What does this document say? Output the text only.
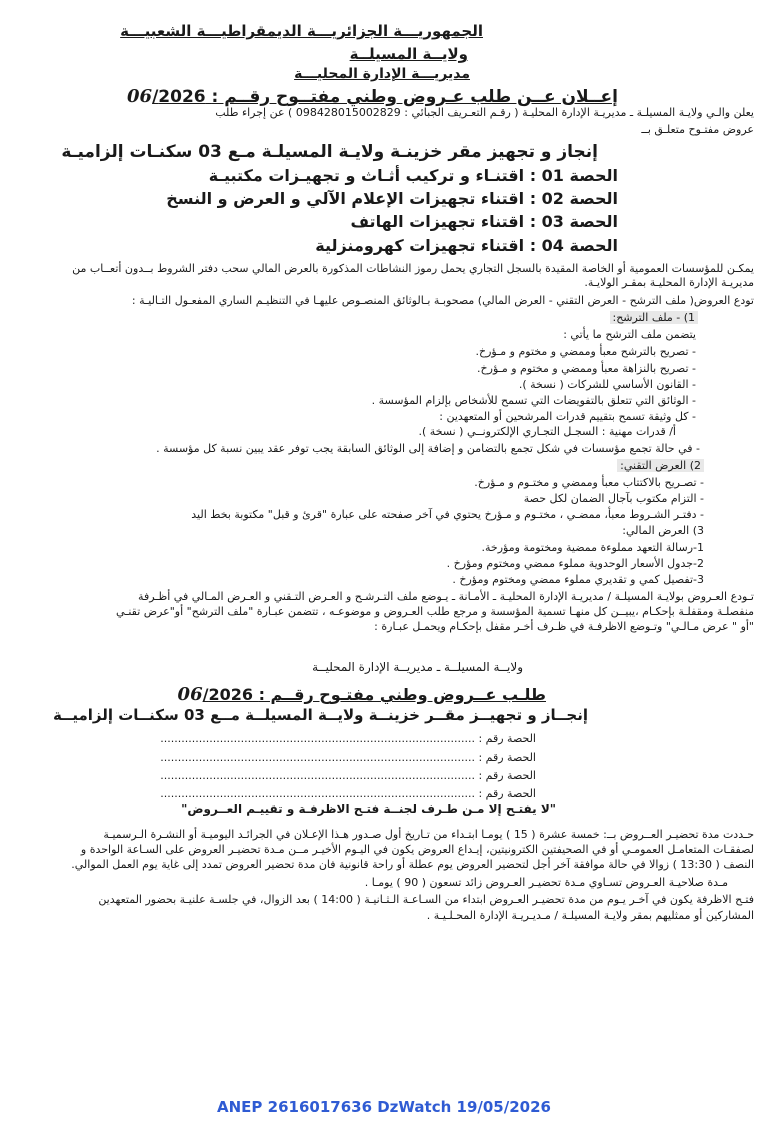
الجمهوريـــة الجزائريـــة الديمقراطيـــة الشعبيـــة
ولايــة المسيلــة
مديريـــة الإدارة المحليـــة
إعــلان عــن طلب عـروض وطني مفتــوح رقــم : 06/2026
يعلن والـي ولايـة المسيلـة ـ مديريـة الإدارة المحليـة ( رقـم التعـريف الجبائي : 098428015002829 ) عن إجراء طلب
عروض مفتـوح متعلـق بــ
إنجاز و تجهيز مقر خزينـة ولايـة المسيلـة مـع 03 سكنـات إلزاميـة
الحصة 01 : اقتنـاء و تركيب أثـاث و تجهيـزات مكتبيـة
الحصة 02 : اقتناء تجهيزات الإعلام الآلي و العرض و النسخ
الحصة 03 : اقتناء تجهيزات الهاتف
الحصة 04 : اقتناء تجهيزات كهرومنزلية
يمكـن للمؤسسات العمومية أو الخاصة المقيدة بالسجل التجاري يحمل رموز النشاطات المذكورة بالعرض المالي سحب دفتر الشروط بــدون أتعــاب من
مديريـة الإدارة المحليـة بمقـر الولايـة.
تودع العروض( ملف الترشح - العرض التقني - العرض المالي) مصحوبـة بـالوثائق المنصـوص عليهـا في التنظيـم الساري المفعـول التـاليـة :
1) - ملف الترشح:
يتضمن ملف الترشح ما يأتي :
- تصريح بالترشح معبأ وممضي و مختوم و مـؤرخ.
- تصريح بالنزاهة معبأ وممضي و مختوم و مـؤرخ.
- القانون الأساسي للشركات ( نسخة ).
- الوثائق التي تتعلق بالتفويضات التي تسمح للأشخاص بإلزام المؤسسة .
- كل وثيقة تسمح بتقييم قدرات المرشحين أو المتعهدين :
أ/ قدرات مهنية : السجـل التجـاري الإلكترونــي ( نسخة ).
- في حالة تجمع مؤسسات في شكل تجمع بالتضامن و إضافة إلى الوثائق السابقة يجب توفر عقد يبين نسبة كل مؤسسة .
2) العرض التقني:
- تصـريح بالاكتتاب معبأ وممضي و مختـوم و مـؤرخ.
- التزام مكتوب بآجال الضمان لكل حصة
- دفتـر الشـروط معبأ، ممضـي ، مختـوم و مـؤرخ يحتوي في آخر صفحته على عبارة "قرئ و قبل" مكتوبة بخط اليد
3) العرض المالي:
1-رسالة التعهد مملوءة ممضية ومختومة ومؤرخة.
2-جدول الأسعار الوحدوية مملوء ممضي ومختوم ومؤرخ .
3-تفصيل كمي و تقديري مملوء ممضي ومختوم ومؤرخ .
تـودع العـروض بولايـة المسيلـة / مديريـة الإدارة المحليـة ـ الأمـانة ـ يـوضع ملف التـرشـح و العـرض التـقني و العـرض المـالي في أظـرفة
منفصلـة ومقفلـة بإحكـام ،يبيــن كل منهـا تسمية المؤسسة و مرجع طلب العـروض و موضوعـه ، تتضمن عبـارة "ملف الترشح" أو"عرض تقنـي
"أو " عرض مـالـي" وتـوضع الاظرفـة في ظـرف أخـر مقفل بإحكـام ويحمـل عبـارة :
ولايــة المسيلــة ـ مديريــة الإدارة المحليــة
طلـب عــروض وطني مفتـوح رقــم : 06/2026
إنجــاز و تجهيــز مقــر خزينــة ولايــة المسيلــة مــع 03 سكنــات إلزاميــة
الحصة رقم : ..........................................................................................
الحصة رقم : ..........................................................................................
الحصة رقم : ..........................................................................................
الحصة رقم : ..........................................................................................
"لا يفتـح إلا مـن طـرف لجنــة فتـح الاظرفـة و تقييـم العــروض"
حـددت مدة تحضيـر العــروض بــ: خمسة عشرة ( 15 ) يومـا ابتـداء من تـاريخ أول صـدور هـذا الإعـلان في الجرائـد اليوميـة أو النشـرة الـرسميـة
لصفقـات المتعامـل العمومـي أو في الصحيفتين الكترونيتين، إيـداع العروض يكون في اليـوم الأخيـر مــن مـدة تحضيـر العروض على السـاعة الواحدة و
النصف ( 13:30 ) زوالا في حالة موافقة آخر أجل لتحضير العروض يوم عطلة أو راحة قانونية فان مدة تحضير العروض تمدد إلى غاية يوم العمل الموالي.
مـدة صلاحيـة العـروض تسـاوي مـدة تحضيـر العـروض زائد تسعون ( 90 ) يومـا .
فتـح الاظرفة يكون في آخـر يـوم من مدة تحضيـر العـروض ابتداء من السـاعـة الـثـانيـة ( 14:00 ) بعد الزوال، في جلسـة علنيـة بحضور المتعهدين
المشاركين أو ممثليهم بمقر ولايـة المسيلـة / مـديـريـة الإدارة المحـلـيـة .
ANEP 2616017636 DzWatch 19/05/2026
